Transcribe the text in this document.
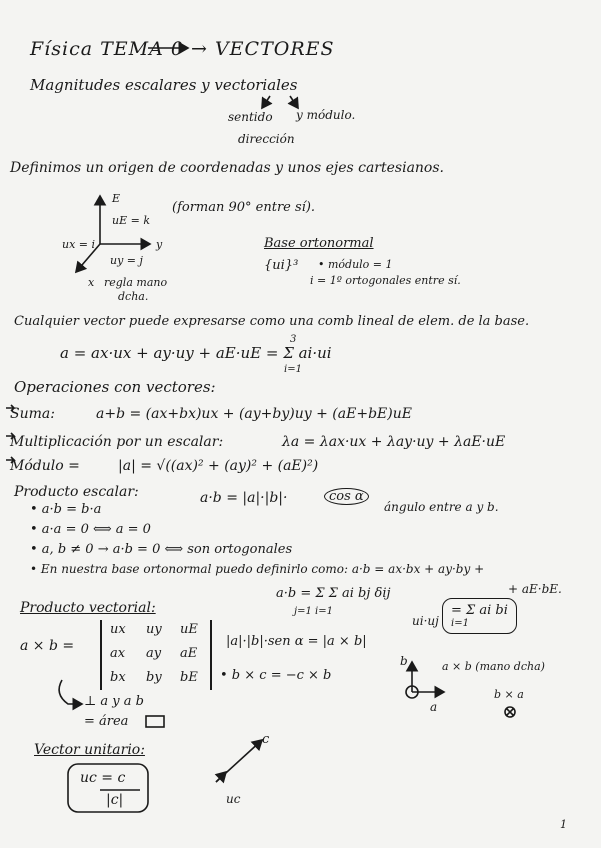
Física TEMA 0 → VECTORES
Magnitudes escalares y vectoriales
sentido y módulo.
dirección
Definimos un origen de coordenadas y unos ejes cartesianos.
E
uE = k
y
ux = i
uy = j
x
(forman 90° entre sí).
regla mano
dcha.
Base ortonormal
{ui}³ • módulo = 1
i = 1º ortogonales entre sí.
Cualquier vector puede expresarse como una comb lineal de elem. de la base.
a = ax·ux + ay·uy + aE·uE = Σ ai·ui
3
i=1
Operaciones con vectores:
Suma:	a+b = (ax+bx)ux + (ay+by)uy + (aE+bE)uE
Multiplicación por un escalar:	λa = λax·ux + λay·uy + λaE·uE
Módulo =	|a| = √((ax)² + (ay)² + (aE)²)
Producto escalar:	a·b = |a|·|b|·	cos α
ángulo entre a y b.
• a·b = b·a
• a·a = 0 ⟺ a = 0
• a, b ≠ 0 → a·b = 0 ⟺ son ortogonales
• En nuestra base ortonormal puedo definirlo como: a·b = ax·bx + ay·by +
+ aE·bE.
a·b = Σ Σ ai bj δij
j=1 i=1
ui·uj
= Σ ai bi
i=1
Producto vectorial:
a × b =
ux uy uE
ax ay aE
bx by bE
|a|·|b|·sen α = |a × b|
• b × c = −c × b
⊥ a y a b
= área
b
a
a × b (mano dcha)
b × a
Vector unitario:
uc = c
|c|
c
uc
1
